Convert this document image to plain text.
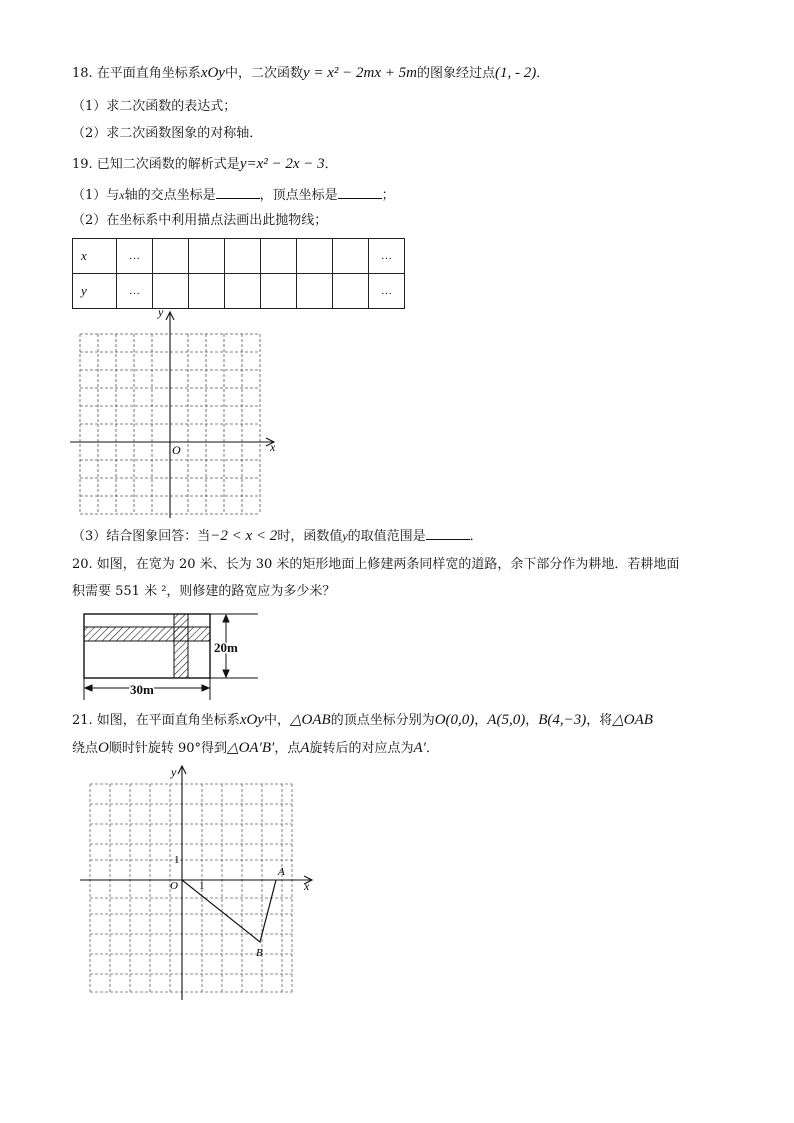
18. 在平面直角坐标系xOy中，二次函数y = x² − 2mx + 5m的图象经过点(1, - 2)．
（1）求二次函数的表达式；
（2）求二次函数图象的对称轴．
19. 已知二次函数的解析式是y=x² − 2x − 3．
（1）与x轴的交点坐标是	，顶点坐标是	；
（2）在坐标系中利用描点法画出此抛物线；
x	…							…
y	…							…
x
y
O
（3）结合图象回答：当−2 < x < 2时，函数值y的取值范围是	．
20. 如图，在宽为 20 米、长为 30 米的矩形地面上修建两条同样宽的道路，余下部分作为耕地．若耕地面
积需要 551 米 ²，则修建的路宽应为多少米？
20m
30m
21. 如图，在平面直角坐标系xOy中，△OAB的顶点坐标分别为O(0,0)，A(5,0)，B(4,−3)，将△OAB
绕点O顺时针旋转 90°得到△OA′B′，点A旋转后的对应点为A′．
x
y
O 1
1
A
B
